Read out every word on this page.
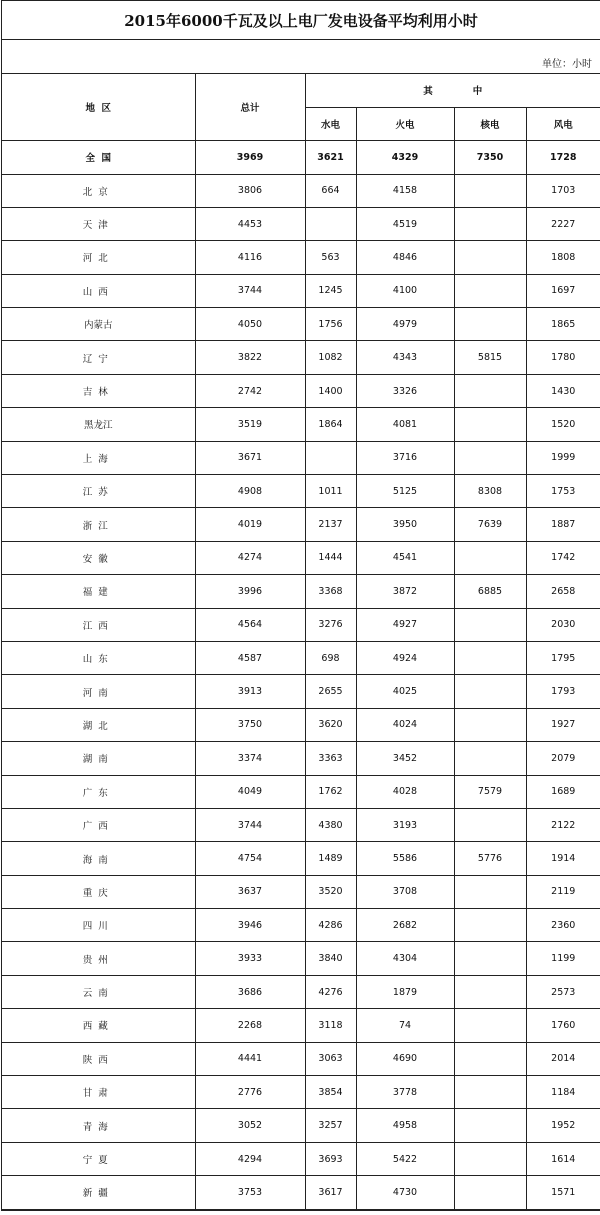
2015年6000千瓦及以上电厂发电设备平均利用小时
单位：小时
地  区	总计	其中			
		水电	火电	核电	风电
全  国	3969	3621	4329	7350	1728
北京	3806	664	4158		1703
天津	4453		4519		2227
河北	4116	563	4846		1808
山西	3744	1245	4100		1697
内蒙古	4050	1756	4979		1865
辽宁	3822	1082	4343	5815	1780
吉林	2742	1400	3326		1430
黑龙江	3519	1864	4081		1520
上海	3671		3716		1999
江苏	4908	1011	5125	8308	1753
浙江	4019	2137	3950	7639	1887
安徽	4274	1444	4541		1742
福建	3996	3368	3872	6885	2658
江西	4564	3276	4927		2030
山东	4587	698	4924		1795
河南	3913	2655	4025		1793
湖北	3750	3620	4024		1927
湖南	3374	3363	3452		2079
广东	4049	1762	4028	7579	1689
广西	3744	4380	3193		2122
海南	4754	1489	5586	5776	1914
重庆	3637	3520	3708		2119
四川	3946	4286	2682		2360
贵州	3933	3840	4304		1199
云南	3686	4276	1879		2573
西藏	2268	3118	74		1760
陕西	4441	3063	4690		2014
甘肃	2776	3854	3778		1184
青海	3052	3257	4958		1952
宁夏	4294	3693	5422		1614
新疆	3753	3617	4730		1571
